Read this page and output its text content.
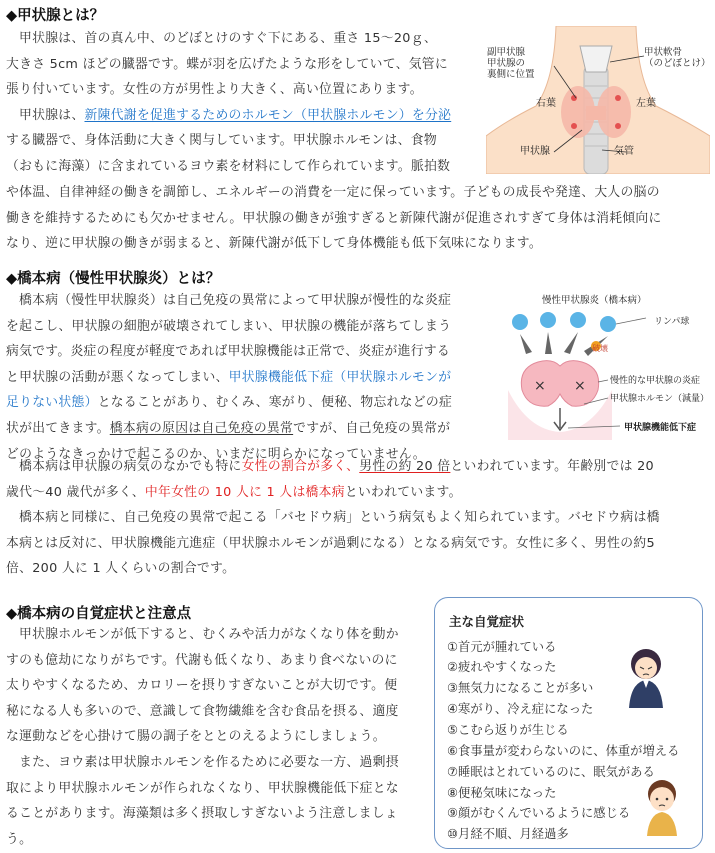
◆甲状腺とは？
甲状腺は、首の真ん中、のどぼとけのすぐ下にある、重さ 15～20ｇ、
大きさ 5cm ほどの臓器です。蝶が羽を広げたような形をしていて、気管に
張り付いています。女性の方が男性より大きく、高い位置にあります。
甲状腺は、新陳代謝を促進するためのホルモン（甲状腺ホルモン）を分泌
する臓器で、身体活動に大きく関与しています。甲状腺ホルモンは、食物
（おもに海藻）に含まれているヨウ素を材料にして作られています。脈拍数
や体温、自律神経の働きを調節し、エネルギーの消費を一定に保っています。子どもの成長や発達、大人の脳の
働きを維持するためにも欠かせません。甲状腺の働きが強すぎると新陳代謝が促進されすぎて身体は消耗傾向に
なり、逆に甲状腺の働きが弱まると、新陳代謝が低下して身体機能も低下気味になります。
副甲状腺
甲状腺の
裏側に位置
甲状軟骨
（のどぼとけ）
右葉	左葉
甲状腺	気管
◆橋本病（慢性甲状腺炎）とは？
橋本病（慢性甲状腺炎）は自己免疫の異常によって甲状腺が慢性的な炎症
を起こし、甲状腺の細胞が破壊されてしまい、甲状腺の機能が落ちてしまう
病気です。炎症の程度が軽度であれば甲状腺機能は正常で、炎症が進行する
と甲状腺の活動が悪くなってしまい、甲状腺機能低下症（甲状腺ホルモンが
足りない状態）となることがあり、むくみ、寒がり、便秘、物忘れなどの症
状が出てきます。橋本病の原因は自己免疫の異常ですが、自己免疫の異常が
どのようなきっかけで起こるのか、いまだに明らかになっていません。
橋本病は甲状腺の病気のなかでも特に女性の割合が多く、男性の約 20 倍といわれています。年齢別では 20
歳代～40 歳代が多く、中年女性の 10 人に 1 人は橋本病といわれています。
橋本病と同様に、自己免疫の異常で起こる「バセドウ病」という病気もよく知られています。バセドウ病は橋
本病とは反対に、甲状腺機能亢進症（甲状腺ホルモンが過剰になる）となる病気です。女性に多く、男性の約5
倍、200 人に 1 人くらいの割合です。
慢性甲状腺炎（橋本病）
× ×
リンパ球
破壊
慢性的な甲状腺の炎症
甲状腺ホルモン（減量）
甲状腺機能低下症
◆橋本病の自覚症状と注意点
甲状腺ホルモンが低下すると、むくみや活力がなくなり体を動か
すのも億劫になりがちです。代謝も低くなり、あまり食べないのに
太りやすくなるため、カロリーを摂りすぎないことが大切です。便
秘になる人も多いので、意識して食物繊維を含む食品を摂る、適度
な運動などを心掛けて腸の調子をととのえるようにしましょう。
また、ヨウ素は甲状腺ホルモンを作るために必要な一方、過剰摂
取により甲状腺ホルモンが作られなくなり、甲状腺機能低下症とな
ることがあります。海藻類は多く摂取しすぎないよう注意しましょ
う。
主な自覚症状
①首元が腫れている
②疲れやすくなった
③無気力になることが多い
④寒がり、冷え症になった
⑤こむら返りが生じる
⑥食事量が変わらないのに、体重が増える
⑦睡眠はとれているのに、眠気がある
⑧便秘気味になった
⑨顔がむくんでいるように感じる
⑩月経不順、月経過多
